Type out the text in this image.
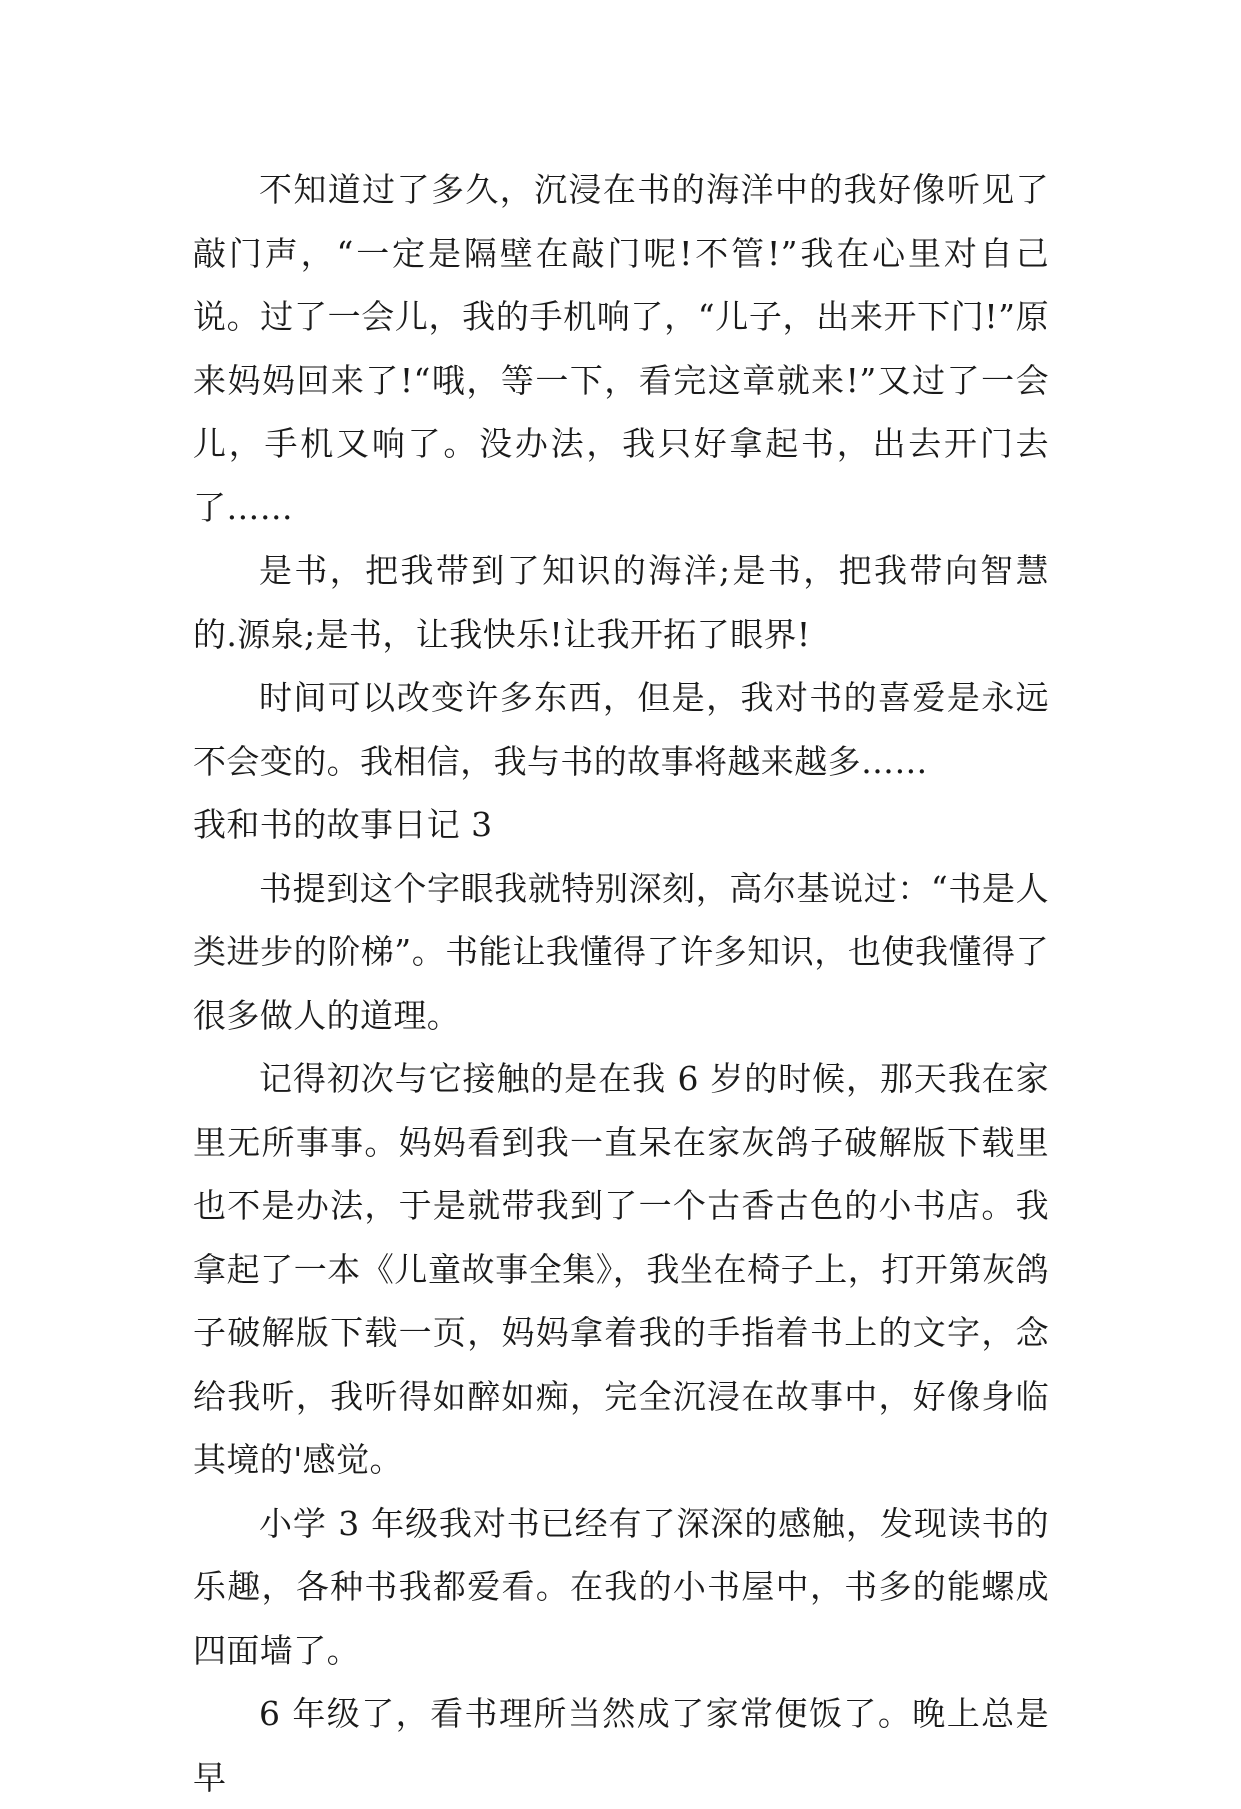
不知道过了多久，沉浸在书的海洋中的我好像听见了敲门声，“一定是隔壁在敲门呢!不管!”我在心里对自己说。过了一会儿，我的手机响了，“儿子，出来开下门!”原来妈妈回来了!“哦，等一下，看完这章就来!”又过了一会儿，手机又响了。没办法，我只好拿起书，出去开门去了……

是书，把我带到了知识的海洋;是书，把我带向智慧的.源泉;是书，让我快乐!让我开拓了眼界!

时间可以改变许多东西，但是，我对书的喜爱是永远不会变的。我相信，我与书的故事将越来越多……

我和书的故事日记 3

书提到这个字眼我就特别深刻，高尔基说过：“书是人类进步的阶梯”。书能让我懂得了许多知识，也使我懂得了很多做人的道理。

记得初次与它接触的是在我 6 岁的时候，那天我在家里无所事事。妈妈看到我一直呆在家灰鸽子破解版下载里也不是办法，于是就带我到了一个古香古色的小书店。我拿起了一本《儿童故事全集》，我坐在椅子上，打开第灰鸽子破解版下载一页，妈妈拿着我的手指着书上的文字，念给我听，我听得如醉如痴，完全沉浸在故事中，好像身临其境的'感觉。

小学 3 年级我对书已经有了深深的感触，发现读书的乐趣，各种书我都爱看。在我的小书屋中，书多的能螺成四面墙了。

6 年级了，看书理所当然成了家常便饭了。晚上总是早
